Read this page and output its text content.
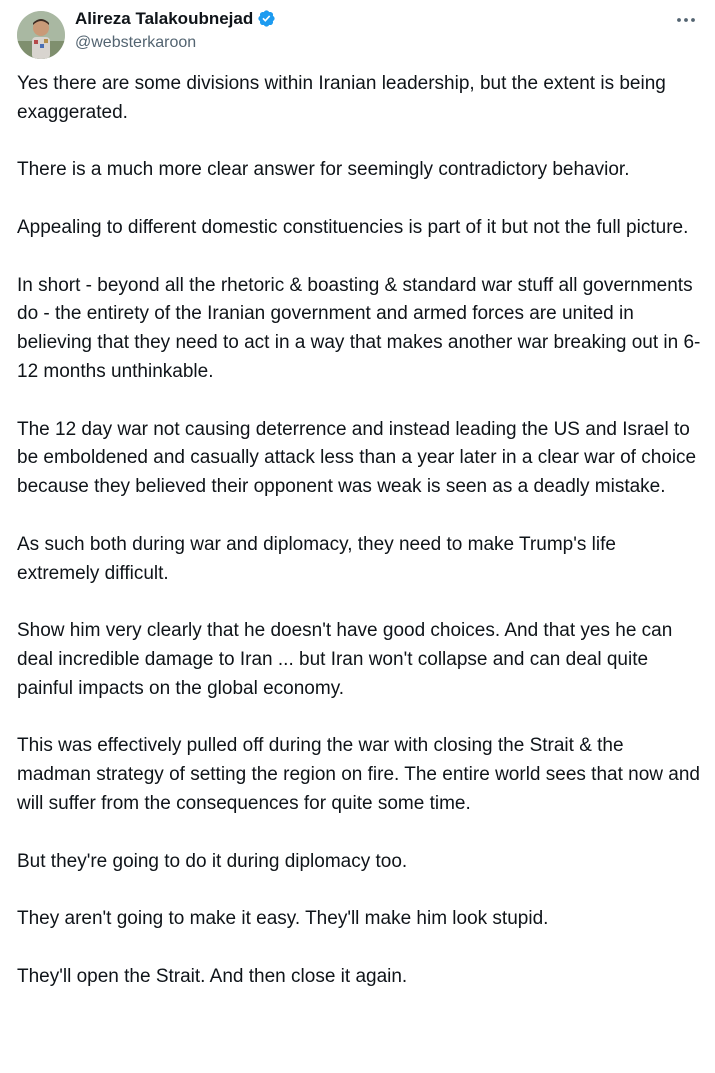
Alireza Talakoubnejad
@websterkaroon

Yes there are some divisions within Iranian leadership, but the extent is being exaggerated.

There is a much more clear answer for seemingly contradictory behavior.

Appealing to different domestic constituencies is part of it but not the full picture.

In short - beyond all the rhetoric & boasting & standard war stuff all governments do - the entirety of the Iranian government and armed forces are united in believing that they need to act in a way that makes another war breaking out in 6-12 months unthinkable.

The 12 day war not causing deterrence and instead leading the US and Israel to be emboldened and casually attack less than a year later in a clear war of choice because they believed their opponent was weak is seen as a deadly mistake.

As such both during war and diplomacy, they need to make Trump's life extremely difficult.

Show him very clearly that he doesn't have good choices. And that yes he can deal incredible damage to Iran ... but Iran won't collapse and can deal quite painful impacts on the global economy.

This was effectively pulled off during the war with closing the Strait & the madman strategy of setting the region on fire. The entire world sees that now and will suffer from the consequences for quite some time.

But they're going to do it during diplomacy too.

They aren't going to make it easy. They'll make him look stupid.

They'll open the Strait. And then close it again.
